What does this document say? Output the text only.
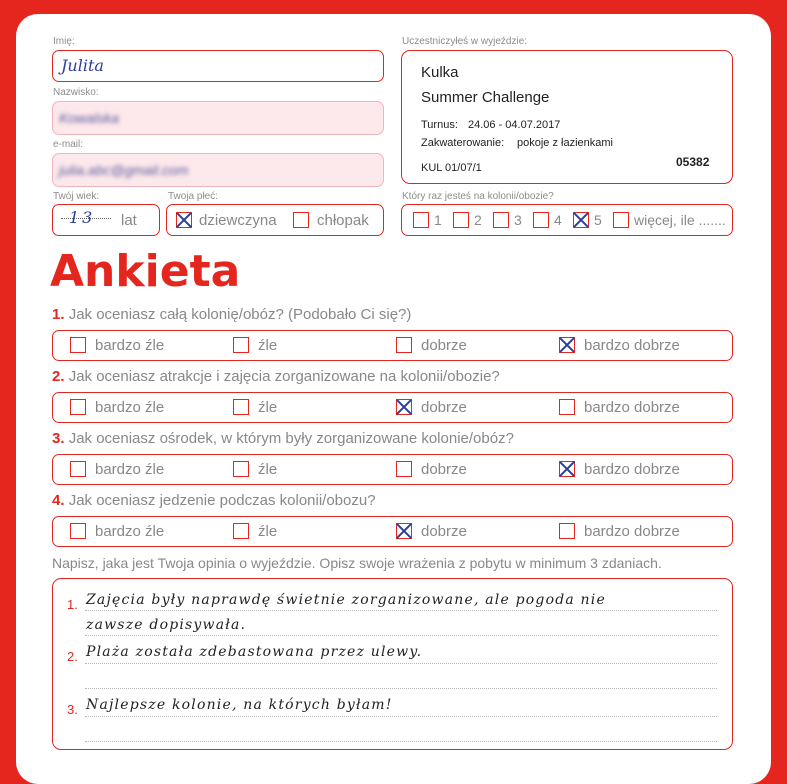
Imię:
Julita
Nazwisko:
Kowalska
e-mail:
julia.abc@gmail.com
Twój wiek:
13 lat
Twoja płeć:
dziewczyna	chłopak
Uczestniczyłeś w wyjeździe:
Kulka
Summer Challenge
Turnus: 24.06 - 04.07.2017
Zakwaterowanie: pokoje z łazienkami
KUL 01/07/1	05382
Który raz jesteś na kolonii/obozie?
1 2 3 4 5 więcej, ile .......
Ankieta
1. Jak oceniasz całą kolonię/obóz? (Podobało Ci się?)
bardzo źle	źle	dobrze	bardzo dobrze
2. Jak oceniasz atrakcje i zajęcia zorganizowane na kolonii/obozie?
bardzo źle	źle	dobrze	bardzo dobrze
3. Jak oceniasz ośrodek, w którym były zorganizowane kolonie/obóz?
bardzo źle	źle	dobrze	bardzo dobrze
4. Jak oceniasz jedzenie podczas kolonii/obozu?
bardzo źle	źle	dobrze	bardzo dobrze
Napisz, jaka jest Twoja opinia o wyjeździe. Opisz swoje wrażenia z pobytu w minimum 3 zdaniach.
1. Zajęcia były naprawdę świetnie zorganizowane, ale pogoda nie
zawsze dopisywała.
2. Plaża została zdebastowana przez ulewy.
3. Najlepsze kolonie, na których byłam!
